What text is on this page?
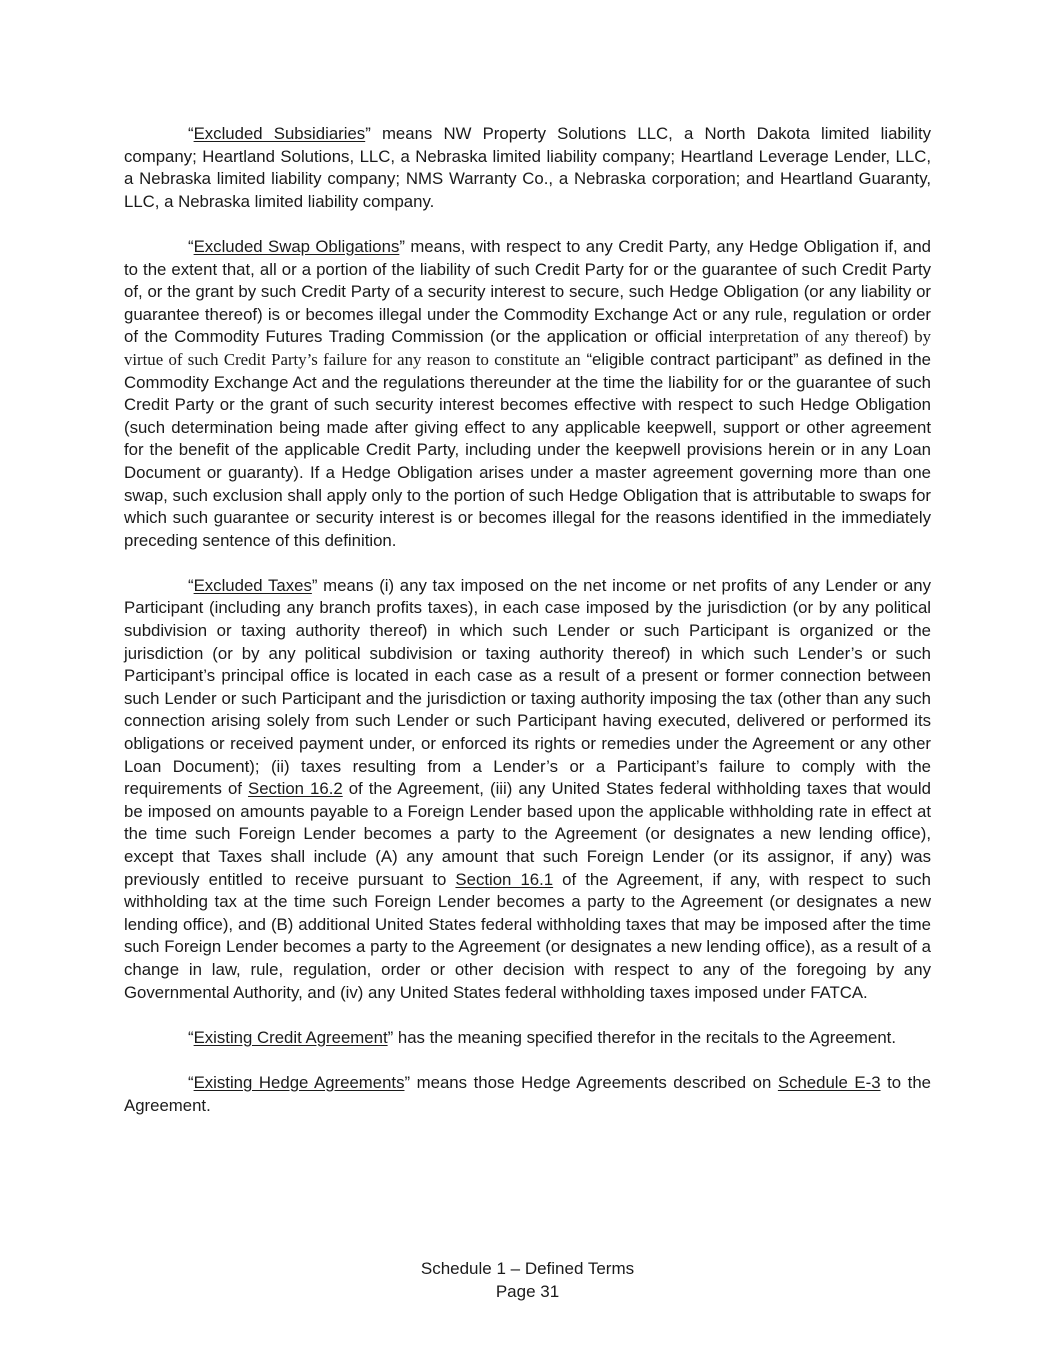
“Excluded Subsidiaries” means NW Property Solutions LLC, a North Dakota limited liability company; Heartland Solutions, LLC, a Nebraska limited liability company; Heartland Leverage Lender, LLC, a Nebraska limited liability company; NMS Warranty Co., a Nebraska corporation; and Heartland Guaranty, LLC, a Nebraska limited liability company.

“Excluded Swap Obligations” means, with respect to any Credit Party, any Hedge Obligation if, and to the extent that, all or a portion of the liability of such Credit Party for or the guarantee of such Credit Party of, or the grant by such Credit Party of a security interest to secure, such Hedge Obligation (or any liability or guarantee thereof) is or becomes illegal under the Commodity Exchange Act or any rule, regulation or order of the Commodity Futures Trading Commission (or the application or official interpretation of any thereof) by virtue of such Credit Party’s failure for any reason to constitute an “eligible contract participant” as defined in the Commodity Exchange Act and the regulations thereunder at the time the liability for or the guarantee of such Credit Party or the grant of such security interest becomes effective with respect to such Hedge Obligation (such determination being made after giving effect to any applicable keepwell, support or other agreement for the benefit of the applicable Credit Party, including under the keepwell provisions herein or in any Loan Document or guaranty). If a Hedge Obligation arises under a master agreement governing more than one swap, such exclusion shall apply only to the portion of such Hedge Obligation that is attributable to swaps for which such guarantee or security interest is or becomes illegal for the reasons identified in the immediately preceding sentence of this definition.

“Excluded Taxes” means (i) any tax imposed on the net income or net profits of any Lender or any Participant (including any branch profits taxes), in each case imposed by the jurisdiction (or by any political subdivision or taxing authority thereof) in which such Lender or such Participant is organized or the jurisdiction (or by any political subdivision or taxing authority thereof) in which such Lender’s or such Participant’s principal office is located in each case as a result of a present or former connection between such Lender or such Participant and the jurisdiction or taxing authority imposing the tax (other than any such connection arising solely from such Lender or such Participant having executed, delivered or performed its obligations or received payment under, or enforced its rights or remedies under the Agreement or any other Loan Document); (ii) taxes resulting from a Lender’s or a Participant’s failure to comply with the requirements of Section 16.2 of the Agreement, (iii) any United States federal withholding taxes that would be imposed on amounts payable to a Foreign Lender based upon the applicable withholding rate in effect at the time such Foreign Lender becomes a party to the Agreement (or designates a new lending office), except that Taxes shall include (A) any amount that such Foreign Lender (or its assignor, if any) was previously entitled to receive pursuant to Section 16.1 of the Agreement, if any, with respect to such withholding tax at the time such Foreign Lender becomes a party to the Agreement (or designates a new lending office), and (B) additional United States federal withholding taxes that may be imposed after the time such Foreign Lender becomes a party to the Agreement (or designates a new lending office), as a result of a change in law, rule, regulation, order or other decision with respect to any of the foregoing by any Governmental Authority, and (iv) any United States federal withholding taxes imposed under FATCA.

“Existing Credit Agreement” has the meaning specified therefor in the recitals to the Agreement.

“Existing Hedge Agreements” means those Hedge Agreements described on Schedule E-3 to the Agreement.

Schedule 1 – Defined Terms
Page 31
